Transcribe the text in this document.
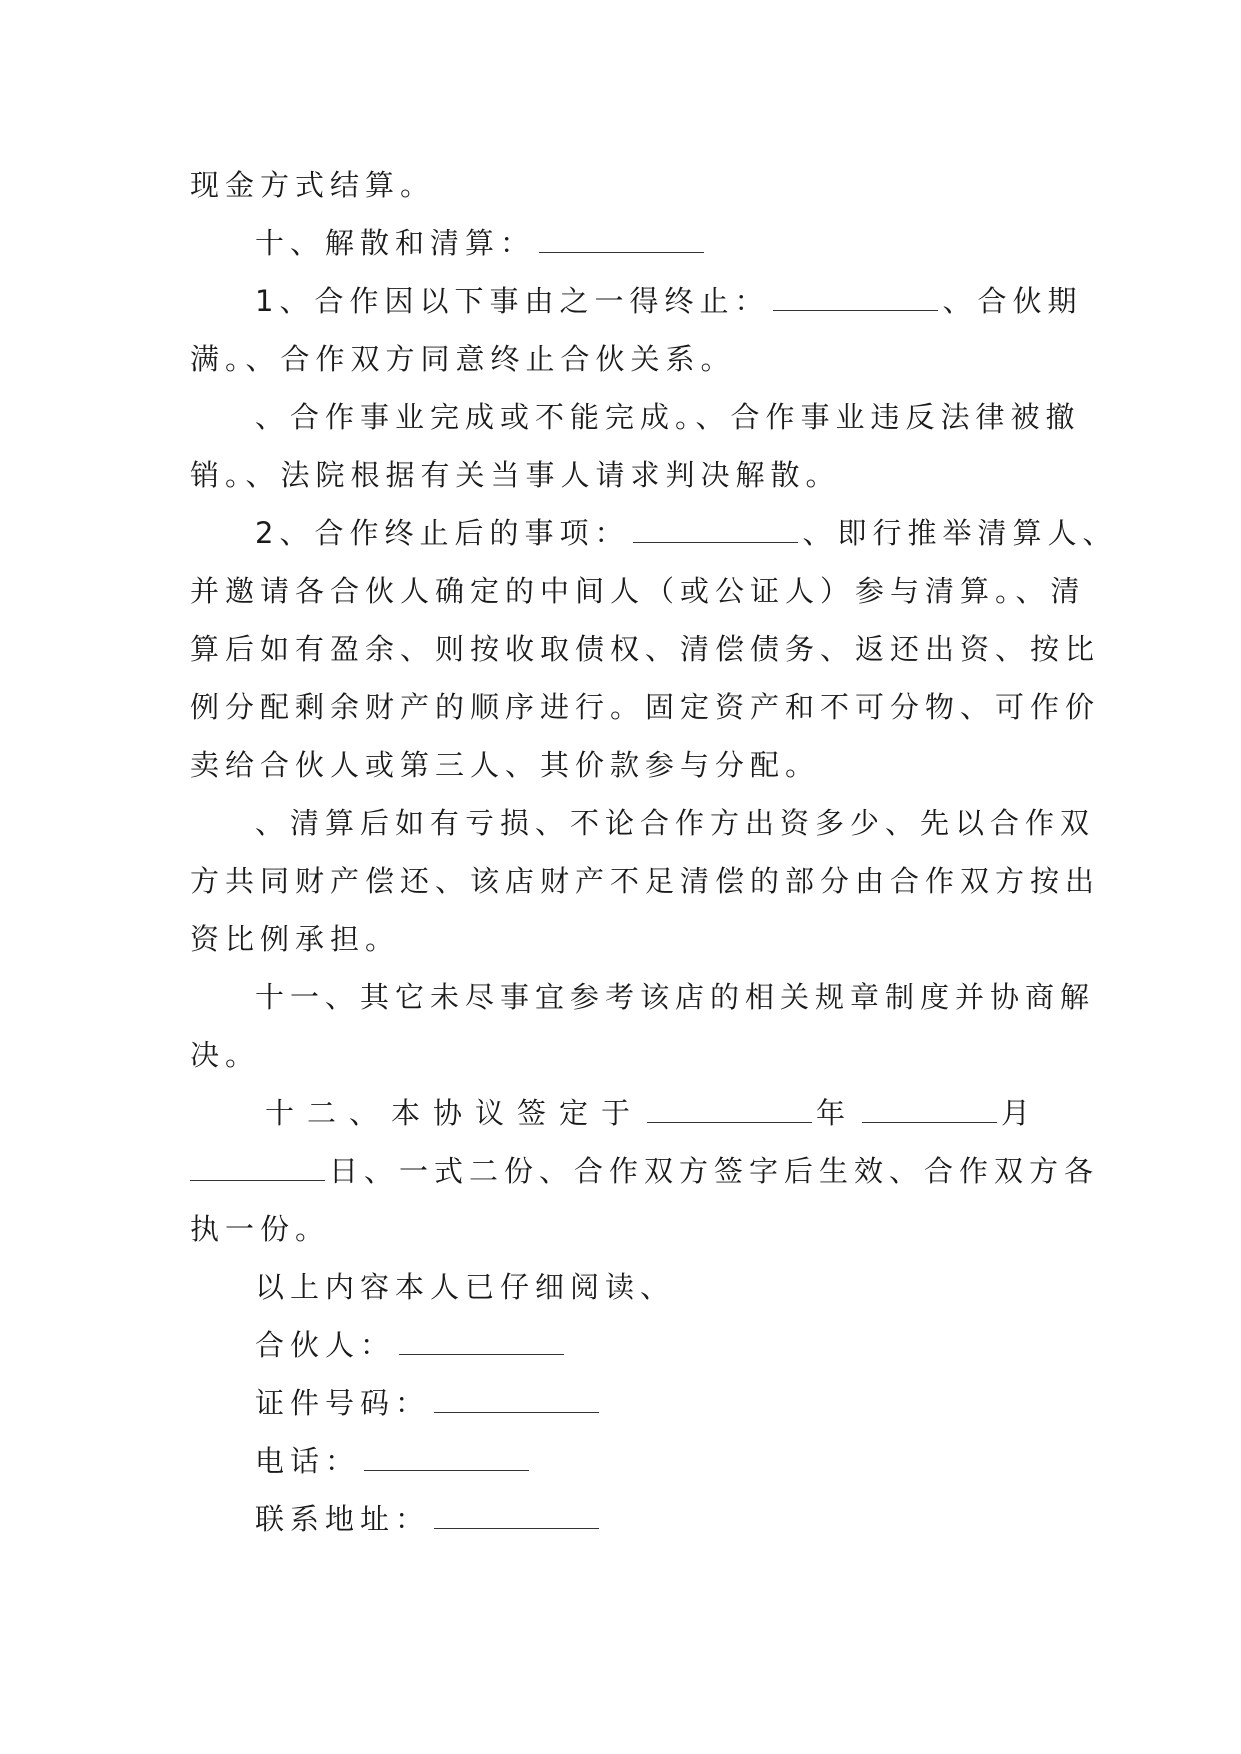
现金方式结算。
十、解散和清算：
1、合作因以下事由之一得终止：	、合伙期
满。、合作双方同意终止合伙关系。
、合作事业完成或不能完成。、合作事业违反法律被撤
销。、法院根据有关当事人请求判决解散。
2、合作终止后的事项：	、即行推举清算人、
并邀请各合伙人确定的中间人（或公证人）参与清算。、清
算后如有盈余、则按收取债权、清偿债务、返还出资、按比
例分配剩余财产的顺序进行。固定资产和不可分物、可作价
卖给合伙人或第三人、其价款参与分配。
、清算后如有亏损、不论合作方出资多少、先以合作双
方共同财产偿还、该店财产不足清偿的部分由合作双方按出
资比例承担。
十一、其它未尽事宜参考该店的相关规章制度并协商解
决。
十二、本协议签定于	年	月
日、一式二份、合作双方签字后生效、合作双方各
执一份。
以上内容本人已仔细阅读、
合伙人：
证件号码：
电话：
联系地址：
